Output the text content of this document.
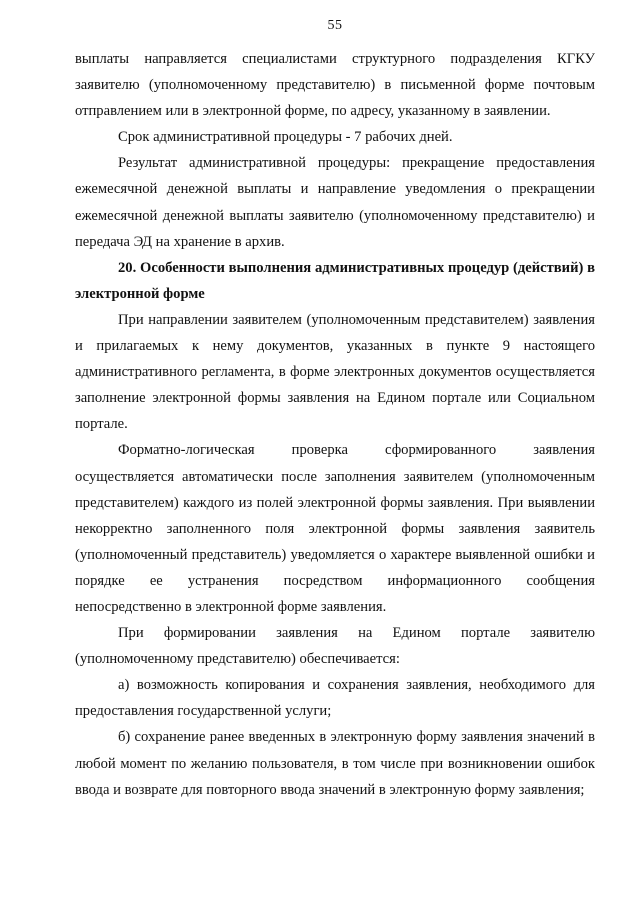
55

выплаты направляется специалистами структурного подразделения КГКУ заявителю (уполномоченному представителю) в письменной форме почтовым отправлением или в электронной форме, по адресу, указанному в заявлении.

Срок административной процедуры - 7 рабочих дней.

Результат административной процедуры: прекращение предоставления ежемесячной денежной выплаты и направление уведомления о прекращении ежемесячной денежной выплаты заявителю (уполномоченному представителю) и передача ЭД на хранение в архив.

20. Особенности выполнения административных процедур (действий) в электронной форме

При направлении заявителем (уполномоченным представителем) заявления и прилагаемых к нему документов, указанных в пункте 9 настоящего административного регламента, в форме электронных документов осуществляется заполнение электронной формы заявления на Едином портале или Социальном портале.

Форматно-логическая проверка сформированного заявления осуществляется автоматически после заполнения заявителем (уполномоченным представителем) каждого из полей электронной формы заявления. При выявлении некорректно заполненного поля электронной формы заявления заявитель (уполномоченный представитель) уведомляется о характере выявленной ошибки и порядке ее устранения посредством информационного сообщения непосредственно в электронной форме заявления.

При формировании заявления на Едином портале заявителю (уполномоченному представителю) обеспечивается:

а) возможность копирования и сохранения заявления, необходимого для предоставления государственной услуги;

б) сохранение ранее введенных в электронную форму заявления значений в любой момент по желанию пользователя, в том числе при возникновении ошибок ввода и возврате для повторного ввода значений в электронную форму заявления;
